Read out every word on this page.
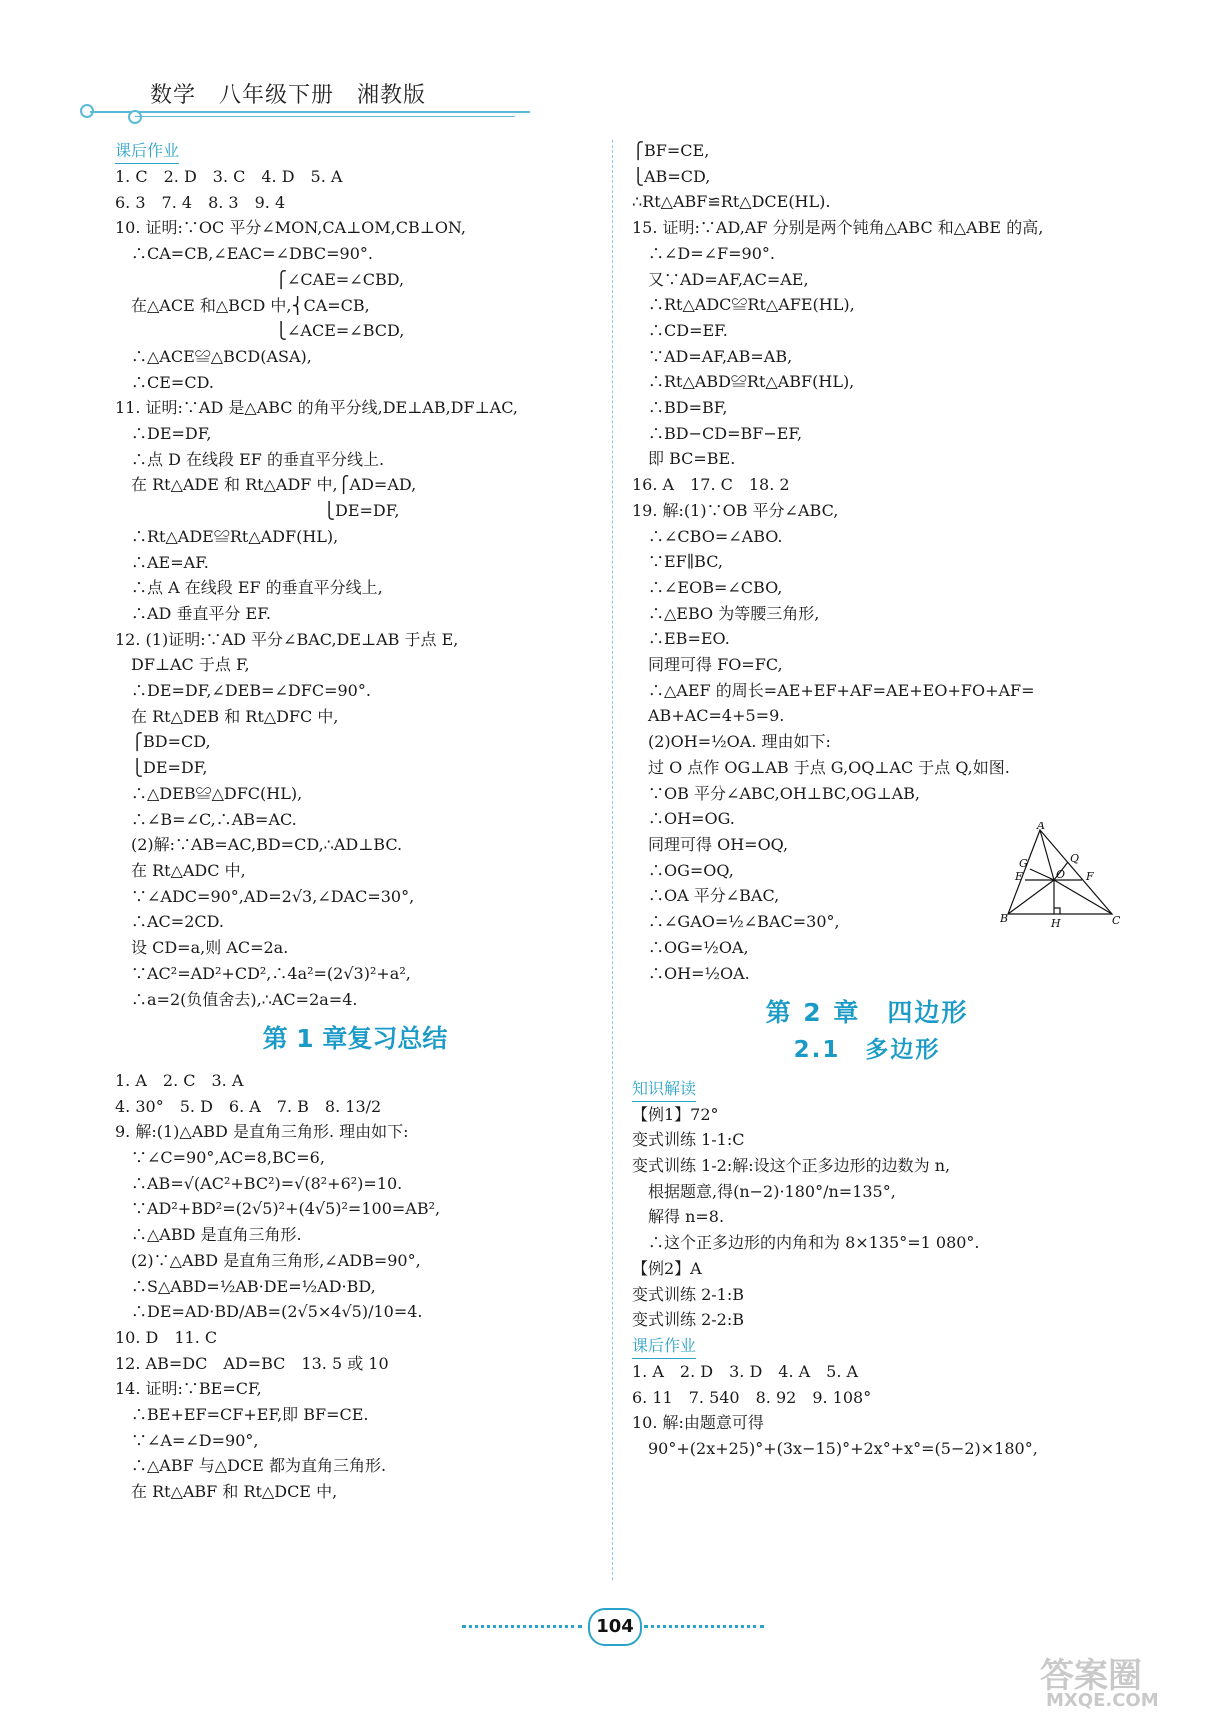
数学　八年级下册　湘教版
课后作业
1. C　2. D　3. C　4. D　5. A
6. 3　7. 4　8. 3　9. 4
10. 证明:∵OC 平分∠MON,CA⊥OM,CB⊥ON,
　∴CA=CB,∠EAC=∠DBC=90°.
　　　　　　　　　　⎧∠CAE=∠CBD,
　在△ACE 和△BCD 中,⎨CA=CB,
　　　　　　　　　　⎩∠ACE=∠BCD,
　∴△ACE≌△BCD(ASA),
　∴CE=CD.
11. 证明:∵AD 是△ABC 的角平分线,DE⊥AB,DF⊥AC,
　∴DE=DF,
　∴点 D 在线段 EF 的垂直平分线上.
　在 Rt△ADE 和 Rt△ADF 中,⎧AD=AD,
　　　　　　　　　　　　　⎩DE=DF,
　∴Rt△ADE≌Rt△ADF(HL),
　∴AE=AF.
　∴点 A 在线段 EF 的垂直平分线上,
　∴AD 垂直平分 EF.
12. (1)证明:∵AD 平分∠BAC,DE⊥AB 于点 E,
　DF⊥AC 于点 F,
　∴DE=DF,∠DEB=∠DFC=90°.
　在 Rt△DEB 和 Rt△DFC 中,
　⎧BD=CD,
　⎩DE=DF,
　∴△DEB≌△DFC(HL),
　∴∠B=∠C,∴AB=AC.
　(2)解:∵AB=AC,BD=CD,∴AD⊥BC.
　在 Rt△ADC 中,
　∵∠ADC=90°,AD=2√3,∠DAC=30°,
　∴AC=2CD.
　设 CD=a,则 AC=2a.
　∵AC²=AD²+CD²,∴4a²=(2√3)²+a²,
　∴a=2(负值舍去),∴AC=2a=4.
第 1 章复习总结
1. A　2. C　3. A
4. 30°　5. D　6. A　7. B　8. 13/2
9. 解:(1)△ABD 是直角三角形. 理由如下:
　∵∠C=90°,AC=8,BC=6,
　∴AB=√(AC²+BC²)=√(8²+6²)=10.
　∵AD²+BD²=(2√5)²+(4√5)²=100=AB²,
　∴△ABD 是直角三角形.
　(2)∵△ABD 是直角三角形,∠ADB=90°,
　∴S△ABD=½AB·DE=½AD·BD,
　∴DE=AD·BD/AB=(2√5×4√5)/10=4.
10. D　11. C
12. AB=DC　AD=BC　13. 5 或 10
14. 证明:∵BE=CF,
　∴BE+EF=CF+EF,即 BF=CE.
　∵∠A=∠D=90°,
　∴△ABF 与△DCE 都为直角三角形.
　在 Rt△ABF 和 Rt△DCE 中,
⎧BF=CE,
⎩AB=CD,
∴Rt△ABF≌Rt△DCE(HL).
15. 证明:∵AD,AF 分别是两个钝角△ABC 和△ABE 的高,
　∴∠D=∠F=90°.
　又∵AD=AF,AC=AE,
　∴Rt△ADC≌Rt△AFE(HL),
　∴CD=EF.
　∵AD=AF,AB=AB,
　∴Rt△ABD≌Rt△ABF(HL),
　∴BD=BF,
　∴BD−CD=BF−EF,
　即 BC=BE.
16. A　17. C　18. 2
19. 解:(1)∵OB 平分∠ABC,
　∴∠CBO=∠ABO.
　∵EF∥BC,
　∴∠EOB=∠CBO,
　∴△EBO 为等腰三角形,
　∴EB=EO.
　同理可得 FO=FC,
　∴△AEF 的周长=AE+EF+AF=AE+EO+FO+AF=
　AB+AC=4+5=9.
　(2)OH=½OA. 理由如下:
　过 O 点作 OG⊥AB 于点 G,OQ⊥AC 于点 Q,如图.
　∵OB 平分∠ABC,OH⊥BC,OG⊥AB,
　∴OH=OG.
　同理可得 OH=OQ,
　∴OG=OQ,
　∴OA 平分∠BAC,
　∴∠GAO=½∠BAC=30°,
　∴OG=½OA,
　∴OH=½OA.
第 2 章　四边形
2.1　多边形
知识解读
【例1】72°
变式训练 1-1:C
变式训练 1-2:解:设这个正多边形的边数为 n,
　根据题意,得(n−2)·180°/n=135°,
　解得 n=8.
　∴这个正多边形的内角和为 8×135°=1 080°.
【例2】A
变式训练 2-1:B
变式训练 2-2:B
课后作业
1. A　2. D　3. D　4. A　5. A
6. 11　7. 540　8. 92　9. 108°
10. 解:由题意可得
　90°+(2x+25)°+(3x−15)°+2x°+x°=(5−2)×180°,
A
G	Q
E	O F
B	H	C
104
答案圈
MXQE.COM
